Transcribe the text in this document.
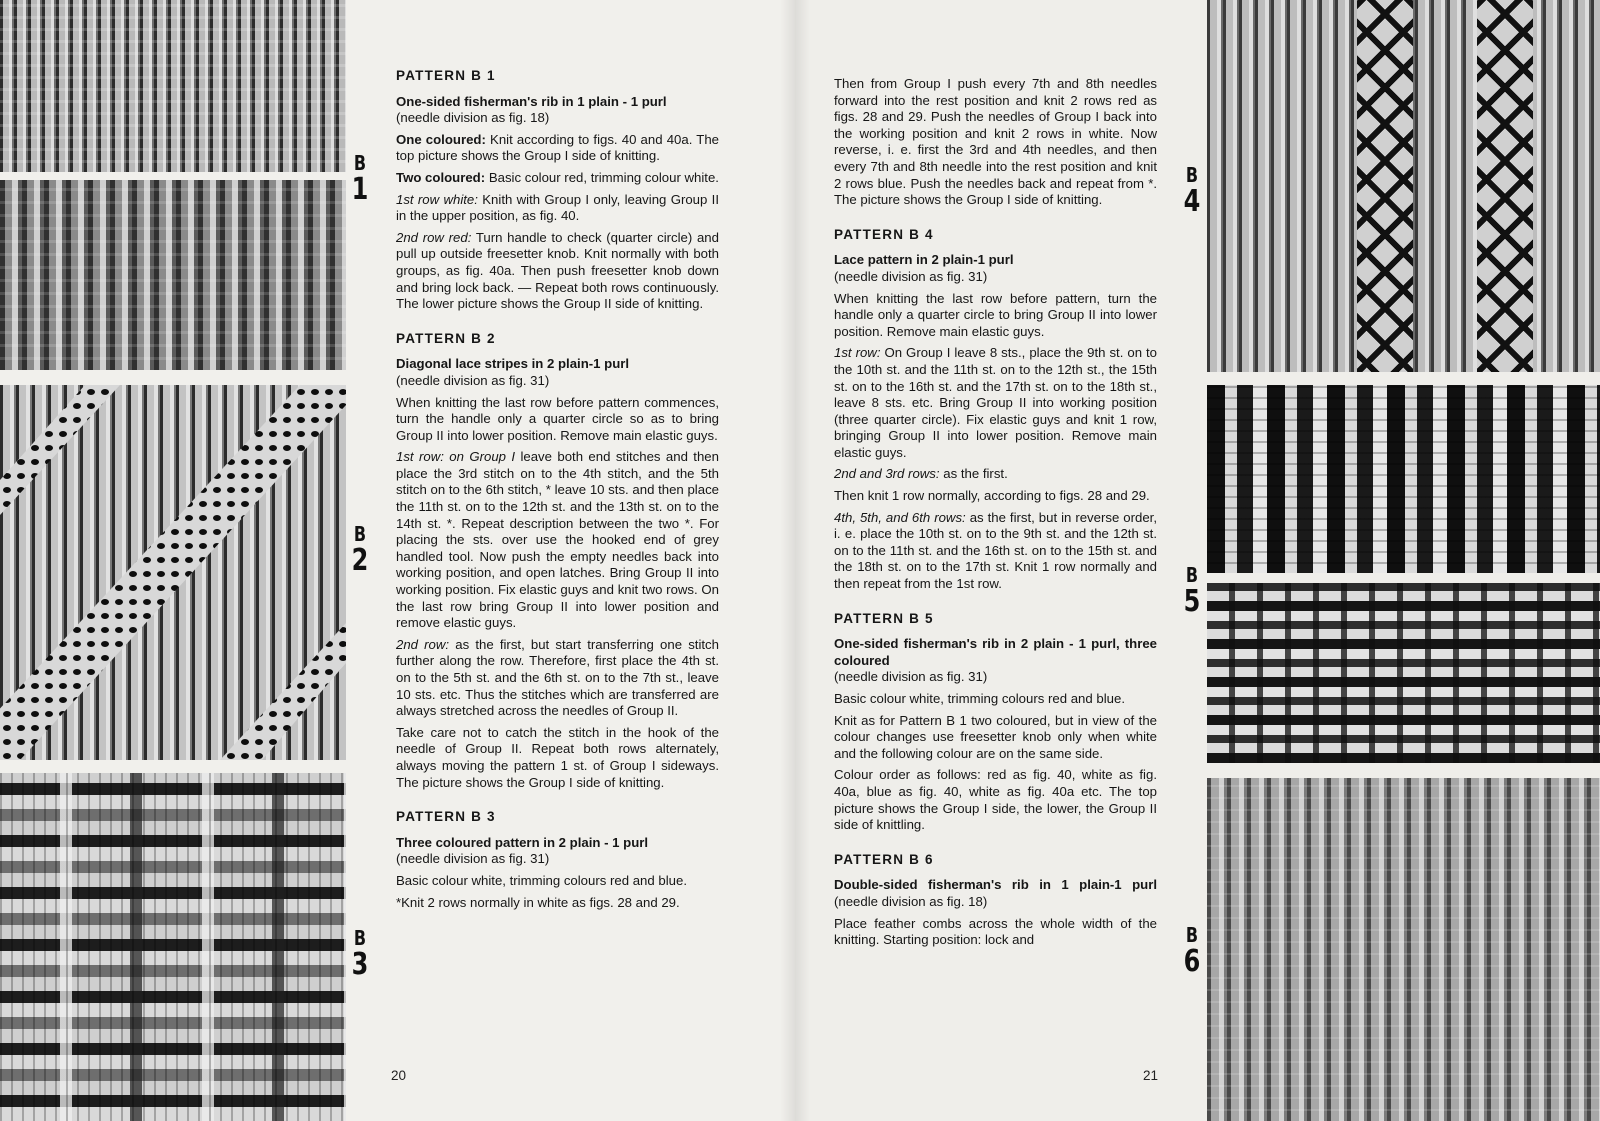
B
1
B
2
B
3
PATTERN B 1
One-sided fisherman's rib in 1 plain - 1 purl
(needle division as fig. 18)
One coloured: Knit according to figs. 40 and 40a. The top picture shows the Group I side of knitting.
Two coloured: Basic colour red, trimming colour white.
1st row white: Knith with Group I only, leaving Group II in the upper position, as fig. 40.
2nd row red: Turn handle to check (quarter circle) and pull up outside freesetter knob. Knit normally with both groups, as fig. 40a. Then push freesetter knob down and bring lock back. — Repeat both rows continuously. The lower picture shows the Group II side of knitting.
PATTERN B 2
Diagonal lace stripes in 2 plain-1 purl
(needle division as fig. 31)
When knitting the last row before pattern commences, turn the handle only a quarter circle so as to bring Group II into lower position. Remove main elastic guys.
1st row: on Group I leave both end stitches and then place the 3rd stitch on to the 4th stitch, and the 5th stitch on to the 6th stitch, * leave 10 sts. and then place the 11th st. on to the 12th st. and the 13th st. on to the 14th st. *. Repeat description between the two *. For placing the sts. over use the hooked end of grey handled tool. Now push the empty needles back into working position, and open latches. Bring Group II into working position. Fix elastic guys and knit two rows. On the last row bring Group II into lower position and remove elastic guys.
2nd row: as the first, but start transferring one stitch further along the row. Therefore, first place the 4th st. on to the 5th st. and the 6th st. on to the 7th st., leave 10 sts. etc. Thus the stitches which are transferred are always stretched across the needles of Group II.
Take care not to catch the stitch in the hook of the needle of Group II. Repeat both rows alternately, always moving the pattern 1 st. of Group I sideways. The picture shows the Group I side of knitting.
PATTERN B 3
Three coloured pattern in 2 plain - 1 purl
(needle division as fig. 31)
Basic colour white, trimming colours red and blue.
*Knit 2 rows normally in white as figs. 28 and 29.
20
B
4
B
5
B
6
Then from Group I push every 7th and 8th needles forward into the rest position and knit 2 rows red as figs. 28 and 29. Push the needles of Group I back into the working position and knit 2 rows in white. Now reverse, i. e. first the 3rd and 4th needles, and then every 7th and 8th needle into the rest position and knit 2 rows blue. Push the needles back and repeat from *. The picture shows the Group I side of knitting.
PATTERN B 4
Lace pattern in 2 plain-1 purl
(needle division as fig. 31)
When knitting the last row before pattern, turn the handle only a quarter circle to bring Group II into lower position. Remove main elastic guys.
1st row: On Group I leave 8 sts., place the 9th st. on to the 10th st. and the 11th st. on to the 12th st., the 15th st. on to the 16th st. and the 17th st. on to the 18th st., leave 8 sts. etc. Bring Group II into working position (three quarter circle). Fix elastic guys and knit 1 row, bringing Group II into lower position. Remove main elastic guys.
2nd and 3rd rows: as the first.
Then knit 1 row normally, according to figs. 28 and 29.
4th, 5th, and 6th rows: as the first, but in reverse order, i. e. place the 10th st. on to the 9th st. and the 12th st. on to the 11th st. and the 16th st. on to the 15th st. and the 18th st. on to the 17th st. Knit 1 row normally and then repeat from the 1st row.
PATTERN B 5
One-sided fisherman's rib in 2 plain - 1 purl, three coloured
(needle division as fig. 31)
Basic colour white, trimming colours red and blue.
Knit as for Pattern B 1 two coloured, but in view of the colour changes use freesetter knob only when white and the following colour are on the same side.
Colour order as follows: red as fig. 40, white as fig. 40a, blue as fig. 40, white as fig. 40a etc. The top picture shows the Group I side, the lower, the Group II side of knittling.
PATTERN B 6
Double-sided fisherman's rib in 1 plain-1 purl (needle division as fig. 18)
Place feather combs across the whole width of the knitting. Starting position: lock and
21
